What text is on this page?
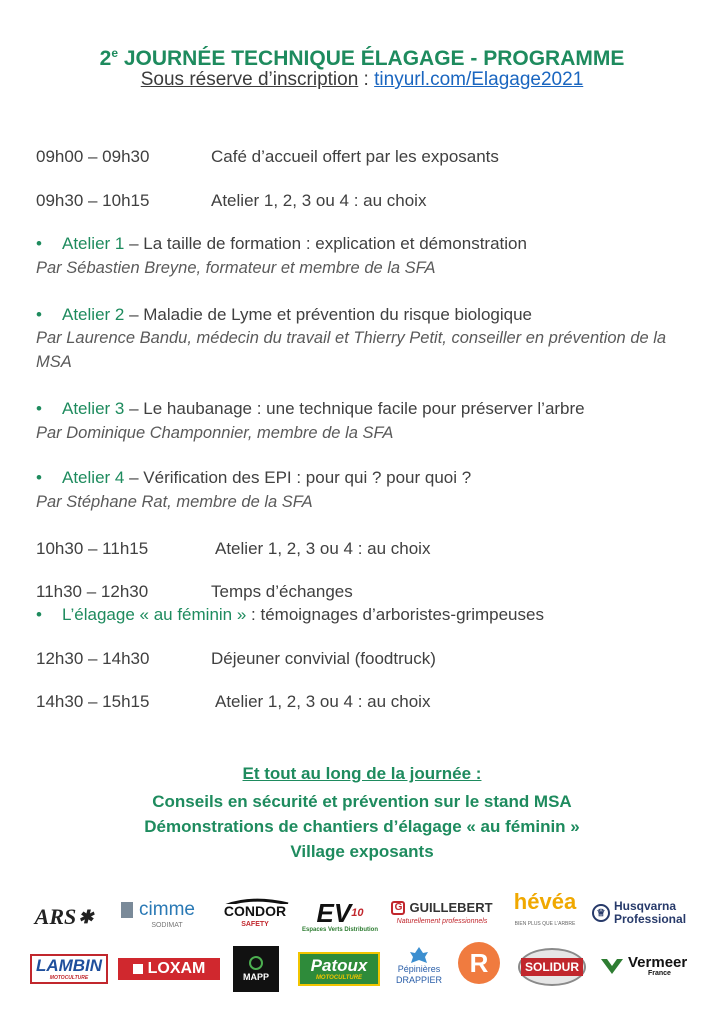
2e JOURNÉE TECHNIQUE ÉLAGAGE - PROGRAMME
Sous réserve d’inscription : tinyurl.com/Elagage2021
09h00 – 09h30	Café d’accueil offert par les exposants
09h30 – 10h15	Atelier 1, 2, 3 ou 4 : au choix
• Atelier 1 – La taille de formation : explication et démonstration
Par Sébastien Breyne, formateur et membre de la SFA
• Atelier 2 – Maladie de Lyme et prévention du risque biologique
Par Laurence Bandu, médecin du travail et Thierry Petit, conseiller en prévention de la MSA
• Atelier 3 – Le haubanage : une technique facile pour préserver l’arbre
Par Dominique Champonnier, membre de la SFA
• Atelier 4 – Vérification des EPI : pour qui ? pour quoi ?
Par Stéphane Rat, membre de la SFA
10h30 – 11h15	Atelier 1, 2, 3 ou 4 : au choix
11h30 – 12h30	Temps d’échanges
• L’élagage « au féminin » : témoignages d’arboristes-grimpeuses
12h30 – 14h30	Déjeuner convivial (foodtruck)
14h30 – 15h15	Atelier 1, 2, 3 ou 4 : au choix
Et tout au long de la journée :
Conseils en sécurité et prévention sur le stand MSA
Démonstrations de chantiers d’élagage « au féminin »
Village exposants
ARS ✱ cimme
SODIMAT
CONDOR
SAFETY EV$^{10}$
Espaces Verts Distribution
G GUILLEBERT
Naturellement professionnels
hévéa
BIEN PLUS QUE L'ARBRE
♕ Husqvarna Professional
LAMBIN
MOTOCULTURE
LOXAM	MAPP
Patoux
MOTOCULTURE
Pépinières DRAPPIER
R	SOLIDUR	Vermeer
France
